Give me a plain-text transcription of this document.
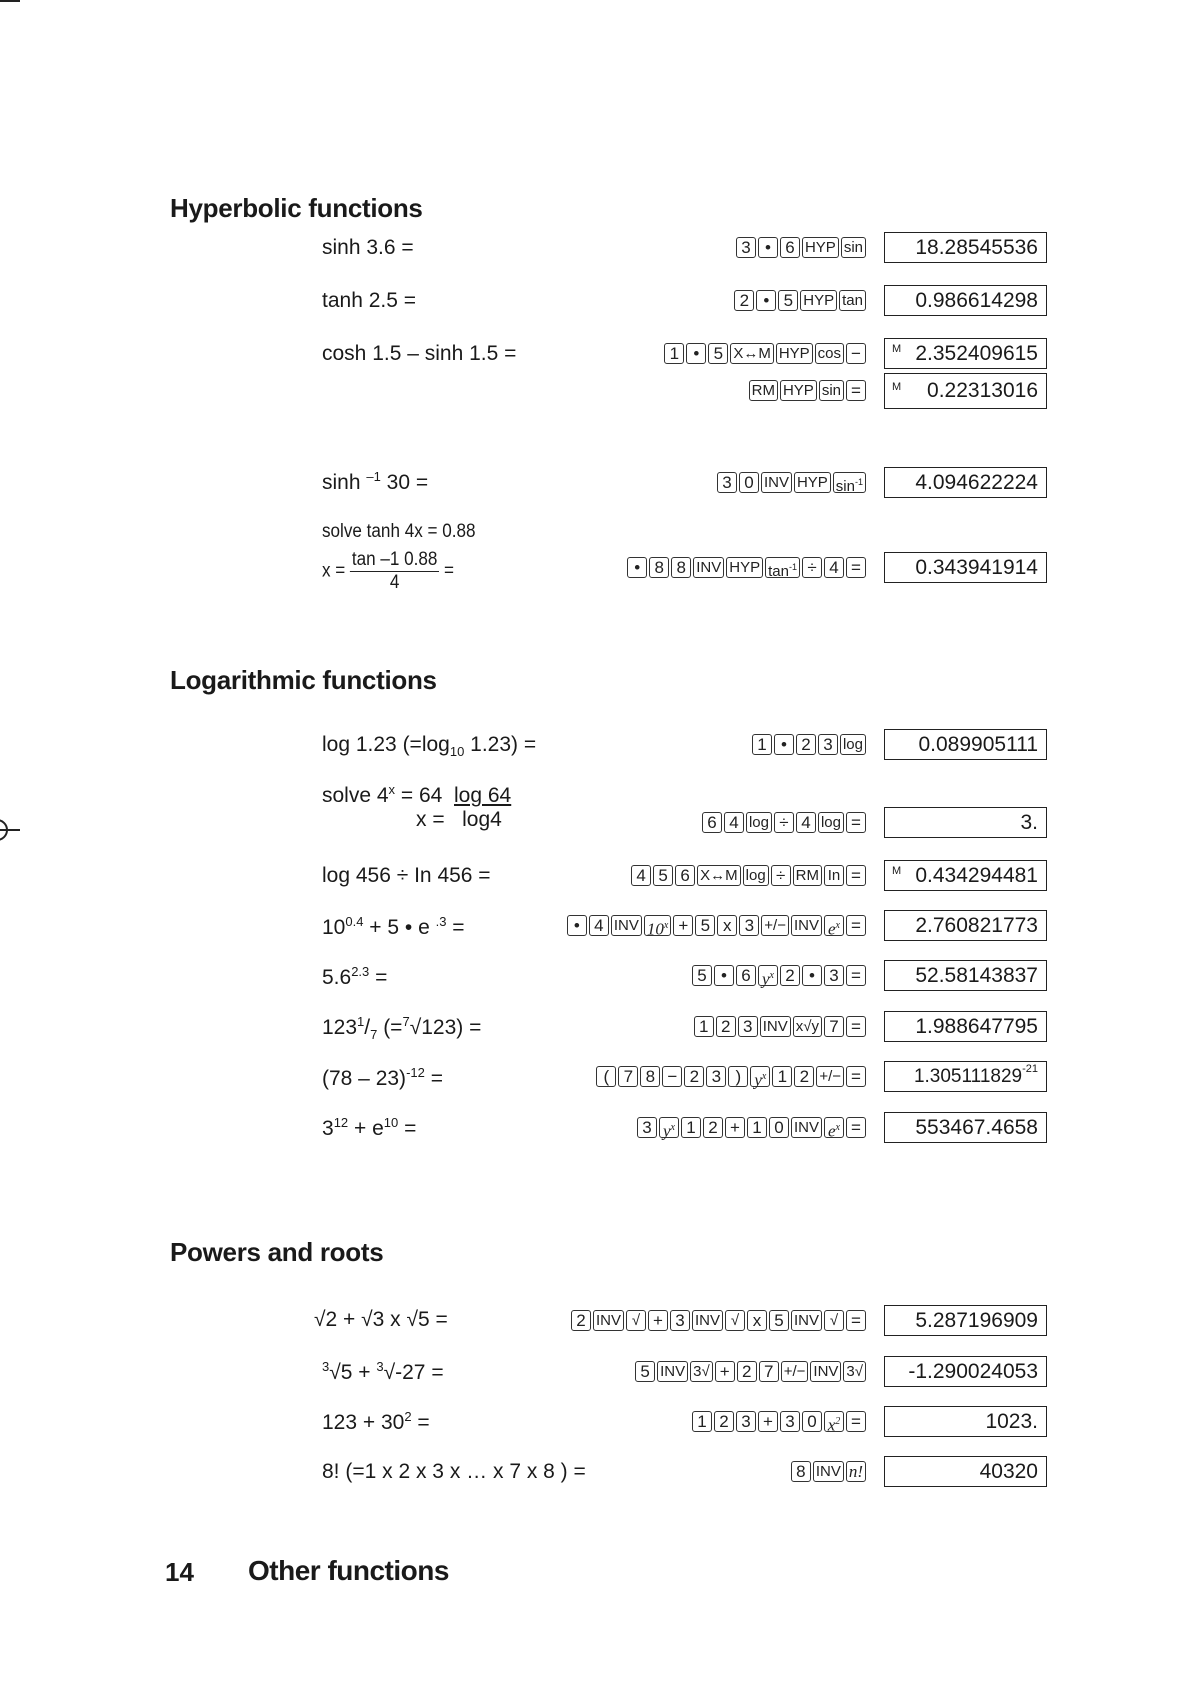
Hyperbolic functions
sinh 3.6 =	3 • 6 HYP sin	18.28545536
tanh 2.5 =	2 • 5 HYP tan	0.986614298
cosh 1.5 – sinh 1.5 =	1 • 5 X↔M HYP cos −	M 2.352409615
RM HYP sin =	M 0.22313016
sinh $^{-1}$ 30 =	3 0 INV HYP $\sin^{-1}$	4.094622224
solve tanh 4x = 0.88
$x = \frac{\tan -1 0.88}{4}$ =	• 8 8 INV HYP $\tan^{-1} \div 4$ =	0.343941914
Logarithmic functions
log 1.23 ($=\log_{10}$ 1.23) =	1 • 2 3 log	0.089905111
solve $4^x = 64$ log 64
x = log4	6 4 log ÷ 4 log =	3.
log 456 ÷ In 456 =	4 5 6 X↔M log ÷ RM In =	M 0.434294481
$10^{0.4} + 5$ • e $^{.3}$ =	• 4 INV $10^x + 5$ x 3 +/− INV $e^x$ =	2.760821773
$5.6^{2.3}$ =	5 • 6 $y^x$ 2 • 3 =	52.58143837
$123^1/_7$ (=$^7$√123) =	1 2 3 INV x√y 7 =	1.988647795
(78 – 23)$^{-12}$ =	( 7 8 − 2 3 ) $y^x$ 1 2 +/− =	$1.305111829^{-21}$
$3^{12} + e^{10}$ =	3 $y^x$ 1 2 + 1 0 INV $e^x$ =	553467.4658
Powers and roots
√2 + √3 x √5 =	2 INV √ + 3 INV √ x 5 INV √ =	5.287196909
$^3$√5 + $^3$√-27 =	5 INV 3√ + 2 7 +/− INV 3√	-1.290024053
$123 + 30^2$ =	1 2 3 + 3 0 $x^2$ =	1023.
8! (=1 x 2 x 3 x … x 7 x 8 ) =	8 INV n!	40320
14 Other functions
